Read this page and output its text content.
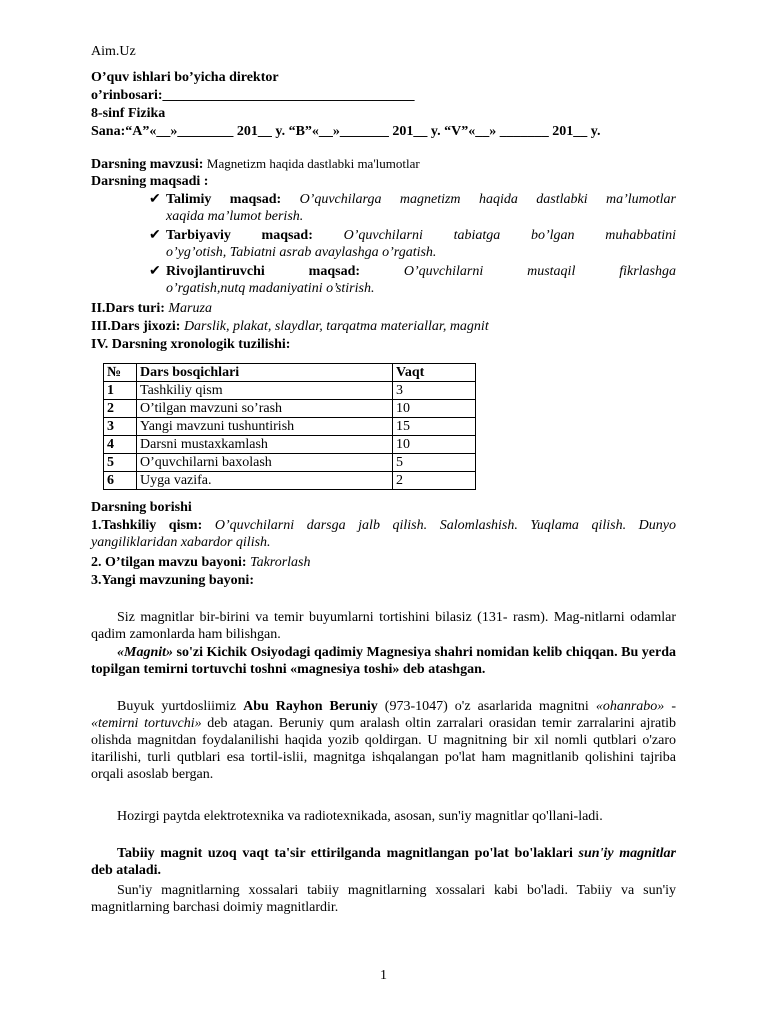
Aim.Uz
O’quv ishlari bo’yicha direktor
o’rinbosari:____________________________________
8-sinf Fizika
Sana:“A”«__»________ 201__ y. “B”«__»_______ 201__ y. “V”«__» _______ 201__ y.
Darsning mavzusi: Magnetizm haqida dastlabki ma'lumotlar
Darsning maqsadi :
✔ Talimiy maqsad: O’quvchilarga magnetizm haqida dastlabki ma’lumotlar
xaqida ma’lumot berish.
✔ Tarbiyaviy maqsad: O’quvchilarni tabiatga bo’lgan muhabbatini
o’yg’otish, Tabiatni asrab avaylashga o’rgatish.
✔ Rivojlantiruvchi maqsad:	O’quvchilarni mustaqil fikrlashga
o’rgatish,nutq madaniyatini o’stirish.
II.Dars turi: Maruza
III.Dars jixozi: Darslik, plakat, slaydlar, tarqatma materiallar, magnit
IV. Darsning xronologik tuzilishi:
№	Dars bosqichlari	Vaqt
1	Tashkiliy qism	3
2	O’tilgan mavzuni so’rash	10
3	Yangi mavzuni tushuntirish	15
4	Darsni mustaxkamlash	10
5	O’quvchilarni baxolash	5
6	Uyga vazifa.	2
Darsning borishi
1.Tashkiliy qism: O’quvchilarni darsga jalb qilish. Salomlashish. Yuqlama qilish. Dunyo yangiliklaridan xabardor qilish.
2. O’tilgan mavzu bayoni: Takrorlash
3.Yangi mavzuning bayoni:
Siz magnitlar bir-birini va temir buyumlarni tortishini bilasiz (131- rasm). Mag-nitlarni odamlar qadim zamonlarda ham bilishgan.
«Magnit» so'zi Kichik Osiyodagi qadimiy Magnesiya shahri nomidan kelib chiqqan. Bu yerda topilgan temirni tortuvchi toshni «magnesiya toshi» deb atashgan.
Buyuk yurtdosliimiz Abu Rayhon Beruniy (973-1047) o'z asarlarida magnitni «ohanrabo» - «temirni tortuvchi» deb atagan. Beruniy qum aralash oltin zarralari orasidan temir zarralarini ajratib olishda magnitdan foydalanilishi haqida yozib qoldirgan. U magnitning bir xil nomli qutblari o'zaro itarilishi, turli qutblari esa tortil-islii, magnitga ishqalangan po'lat ham magnitlanib qolishini tajriba orqali asoslab bergan.
Hozirgi paytda elektrotexnika va radiotexnikada, asosan, sun'iy magnitlar qo'llani-ladi.
Tabiiy magnit uzoq vaqt ta'sir ettirilganda magnitlangan po'lat bo'laklari sun'iy magnitlar deb ataladi.
Sun'iy magnitlarning xossalari tabiiy magnitlarning xossalari kabi bo'ladi. Tabiiy va sun'iy magnitlarning barchasi doimiy magnitlardir.
1
